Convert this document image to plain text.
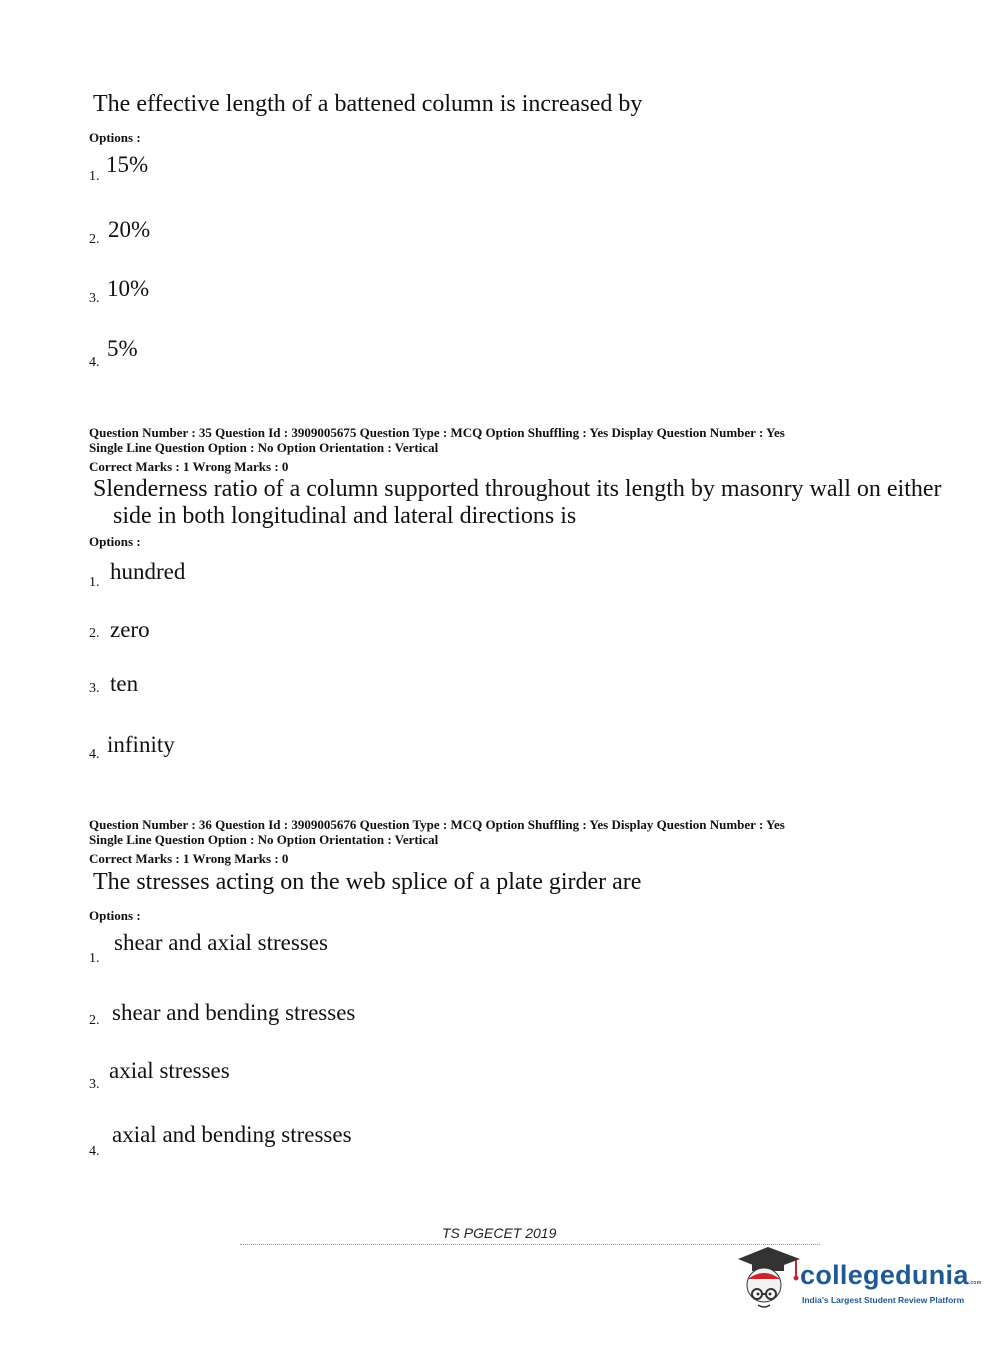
The effective length of a battened column is increased by
Options :
1. 15%
2. 20%
3. 10%
4.
5%
Question Number : 35 Question Id : 3909005675 Question Type : MCQ Option Shuffling : Yes Display Question Number : Yes
Single Line Question Option : No Option Orientation : Vertical
Correct Marks : 1 Wrong Marks : 0
Slenderness ratio of a column supported throughout its length by masonry wall on either
side in both longitudinal and lateral directions is
Options :
1. hundred
2. zero
3. ten
4. infinity
Question Number : 36 Question Id : 3909005676 Question Type : MCQ Option Shuffling : Yes Display Question Number : Yes
Single Line Question Option : No Option Orientation : Vertical
Correct Marks : 1 Wrong Marks : 0
The stresses acting on the web splice of a plate girder are
Options :
1.
shear and axial stresses
2. shear and bending stresses
3.
axial stresses
4.
axial and bending stresses
TS PGECET 2019
collegedunia.com
India's Largest Student Review Platform
